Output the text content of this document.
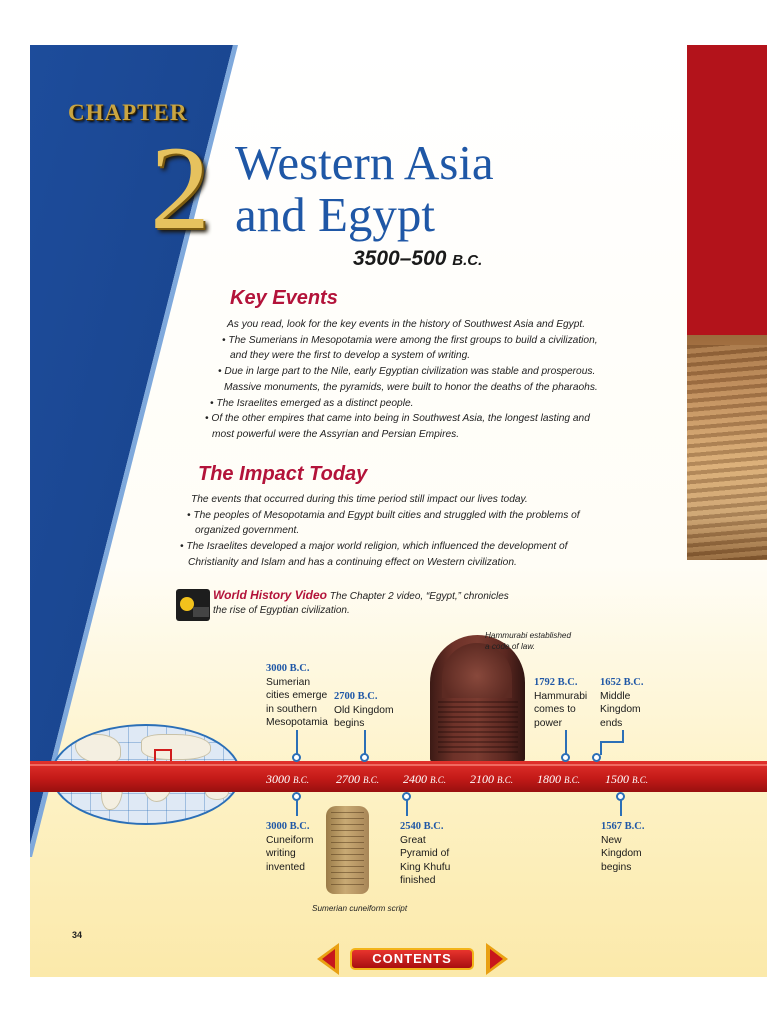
CHAPTER
2 Western Asia
and Egypt
3500–500 B.C.
Key Events

As you read, look for the key events in the history of Southwest Asia and Egypt.

• The Sumerians in Mesopotamia were among the first groups to build a civilization,

and they were the first to develop a system of writing.

• Due in large part to the Nile, early Egyptian civilization was stable and prosperous.

Massive monuments, the pyramids, were built to honor the deaths of the pharaohs.

• The Israelites emerged as a distinct people.

• Of the other empires that came into being in Southwest Asia, the longest lasting and

most powerful were the Assyrian and Persian Empires.

The Impact Today

The events that occurred during this time period still impact our lives today.

• The peoples of Mesopotamia and Egypt built cities and struggled with the problems of

organized government.

• The Israelites developed a major world religion, which influenced the development of

Christianity and Islam and has a continuing effect on Western civilization.

World History Video The Chapter 2 video, “Egypt,” chronicles
the rise of Egyptian civilization.
Hammurabi established
a code of law.
Sumerian cuneiform script
3000 B.C. 2700 B.C. 2400 B.C. 2100 B.C. 1800 B.C. 1500 B.C.
3000 B.C.
Sumerian
cities emerge
in southern
Mesopotamia
2700 B.C.
Old Kingdom
begins
1792 B.C.
Hammurabi
comes to
power
1652 B.C.
Middle
Kingdom
ends
3000 B.C.
Cuneiform
writing
invented
2540 B.C.
Great
Pyramid of
King Khufu
finished
1567 B.C.
New
Kingdom
begins
34
CONTENTS
